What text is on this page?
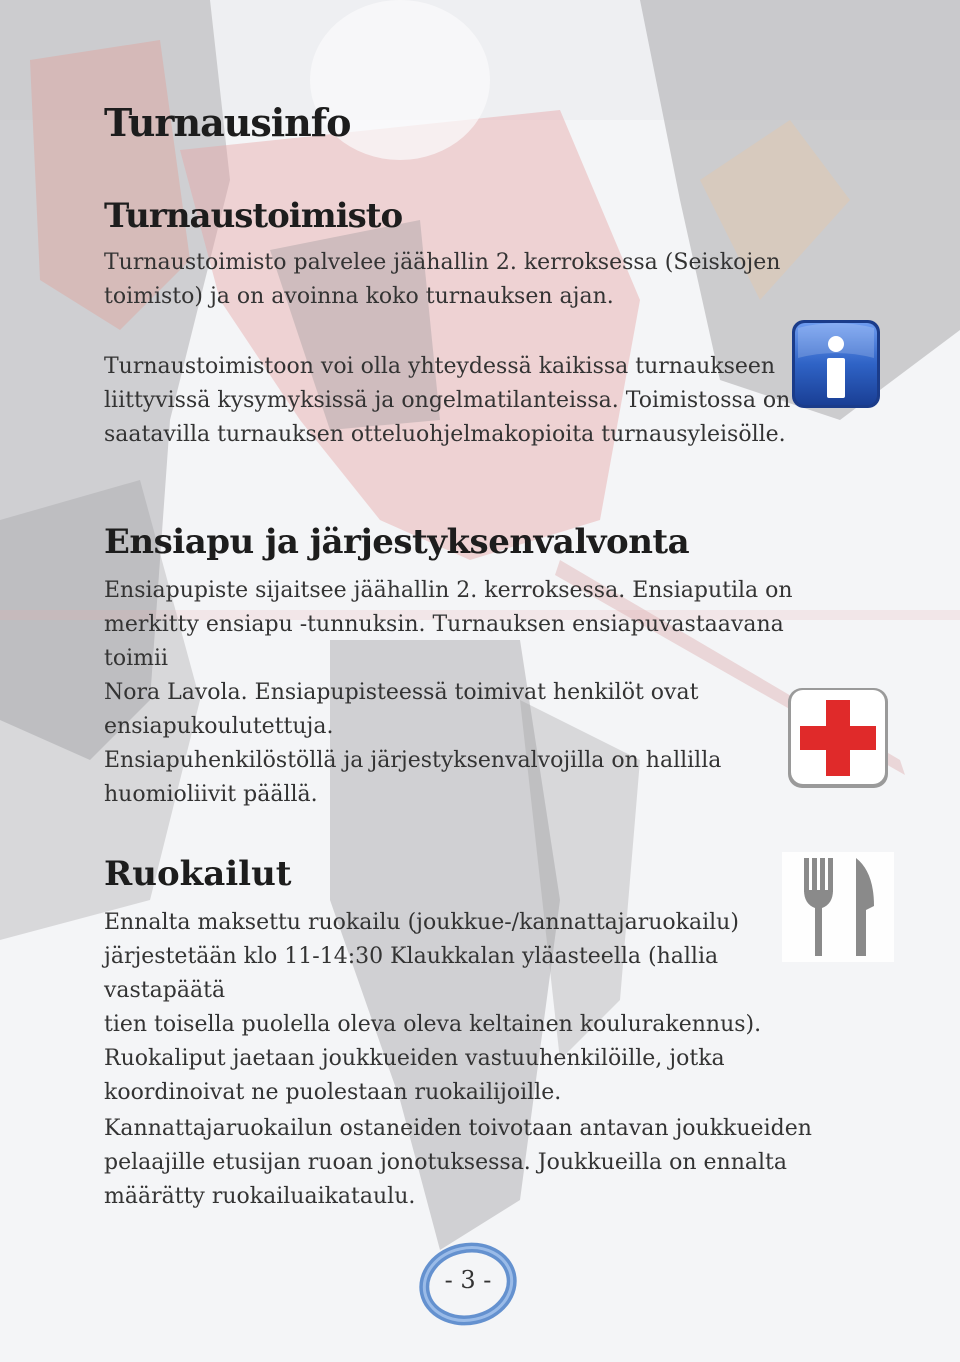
Turnausinfo
Turnaustoimisto

Turnaustoimisto palvelee jäähallin 2. kerroksessa (Seiskojen
toimisto) ja on avoinna koko turnauksen ajan.

Turnaustoimistoon voi olla yhteydessä kaikissa turnaukseen
liittyvissä kysymyksissä ja ongelmatilanteissa. Toimistossa on
saatavilla turnauksen otteluohjelmakopioita turnausyleisölle.

Ensiapu ja järjestyksenvalvonta

Ensiapupiste sijaitsee jäähallin 2. kerroksessa. Ensiaputila on
merkitty ensiapu -tunnuksin. Turnauksen ensiapuvastaavana toimii
Nora Lavola. Ensiapupisteessä toimivat henkilöt ovat
ensiapukoulutettuja.

Ensiapuhenkilöstöllä ja järjestyksenvalvojilla on hallilla
huomioliivit päällä.

Ruokailut

Ennalta maksettu ruokailu (joukkue-/kannattajaruokailu)
järjestetään klo 11-14:30 Klaukkalan yläasteella (hallia vastapäätä
tien toisella puolella oleva oleva keltainen koulurakennus).
Ruokaliput jaetaan joukkueiden vastuuhenkilöille, jotka
koordinoivat ne puolestaan ruokailijoille.

Kannattajaruokailun ostaneiden toivotaan antavan joukkueiden
pelaajille etusijan ruoan jonotuksessa. Joukkueilla on ennalta
määrätty ruokailuaikataulu.

- 3 -
